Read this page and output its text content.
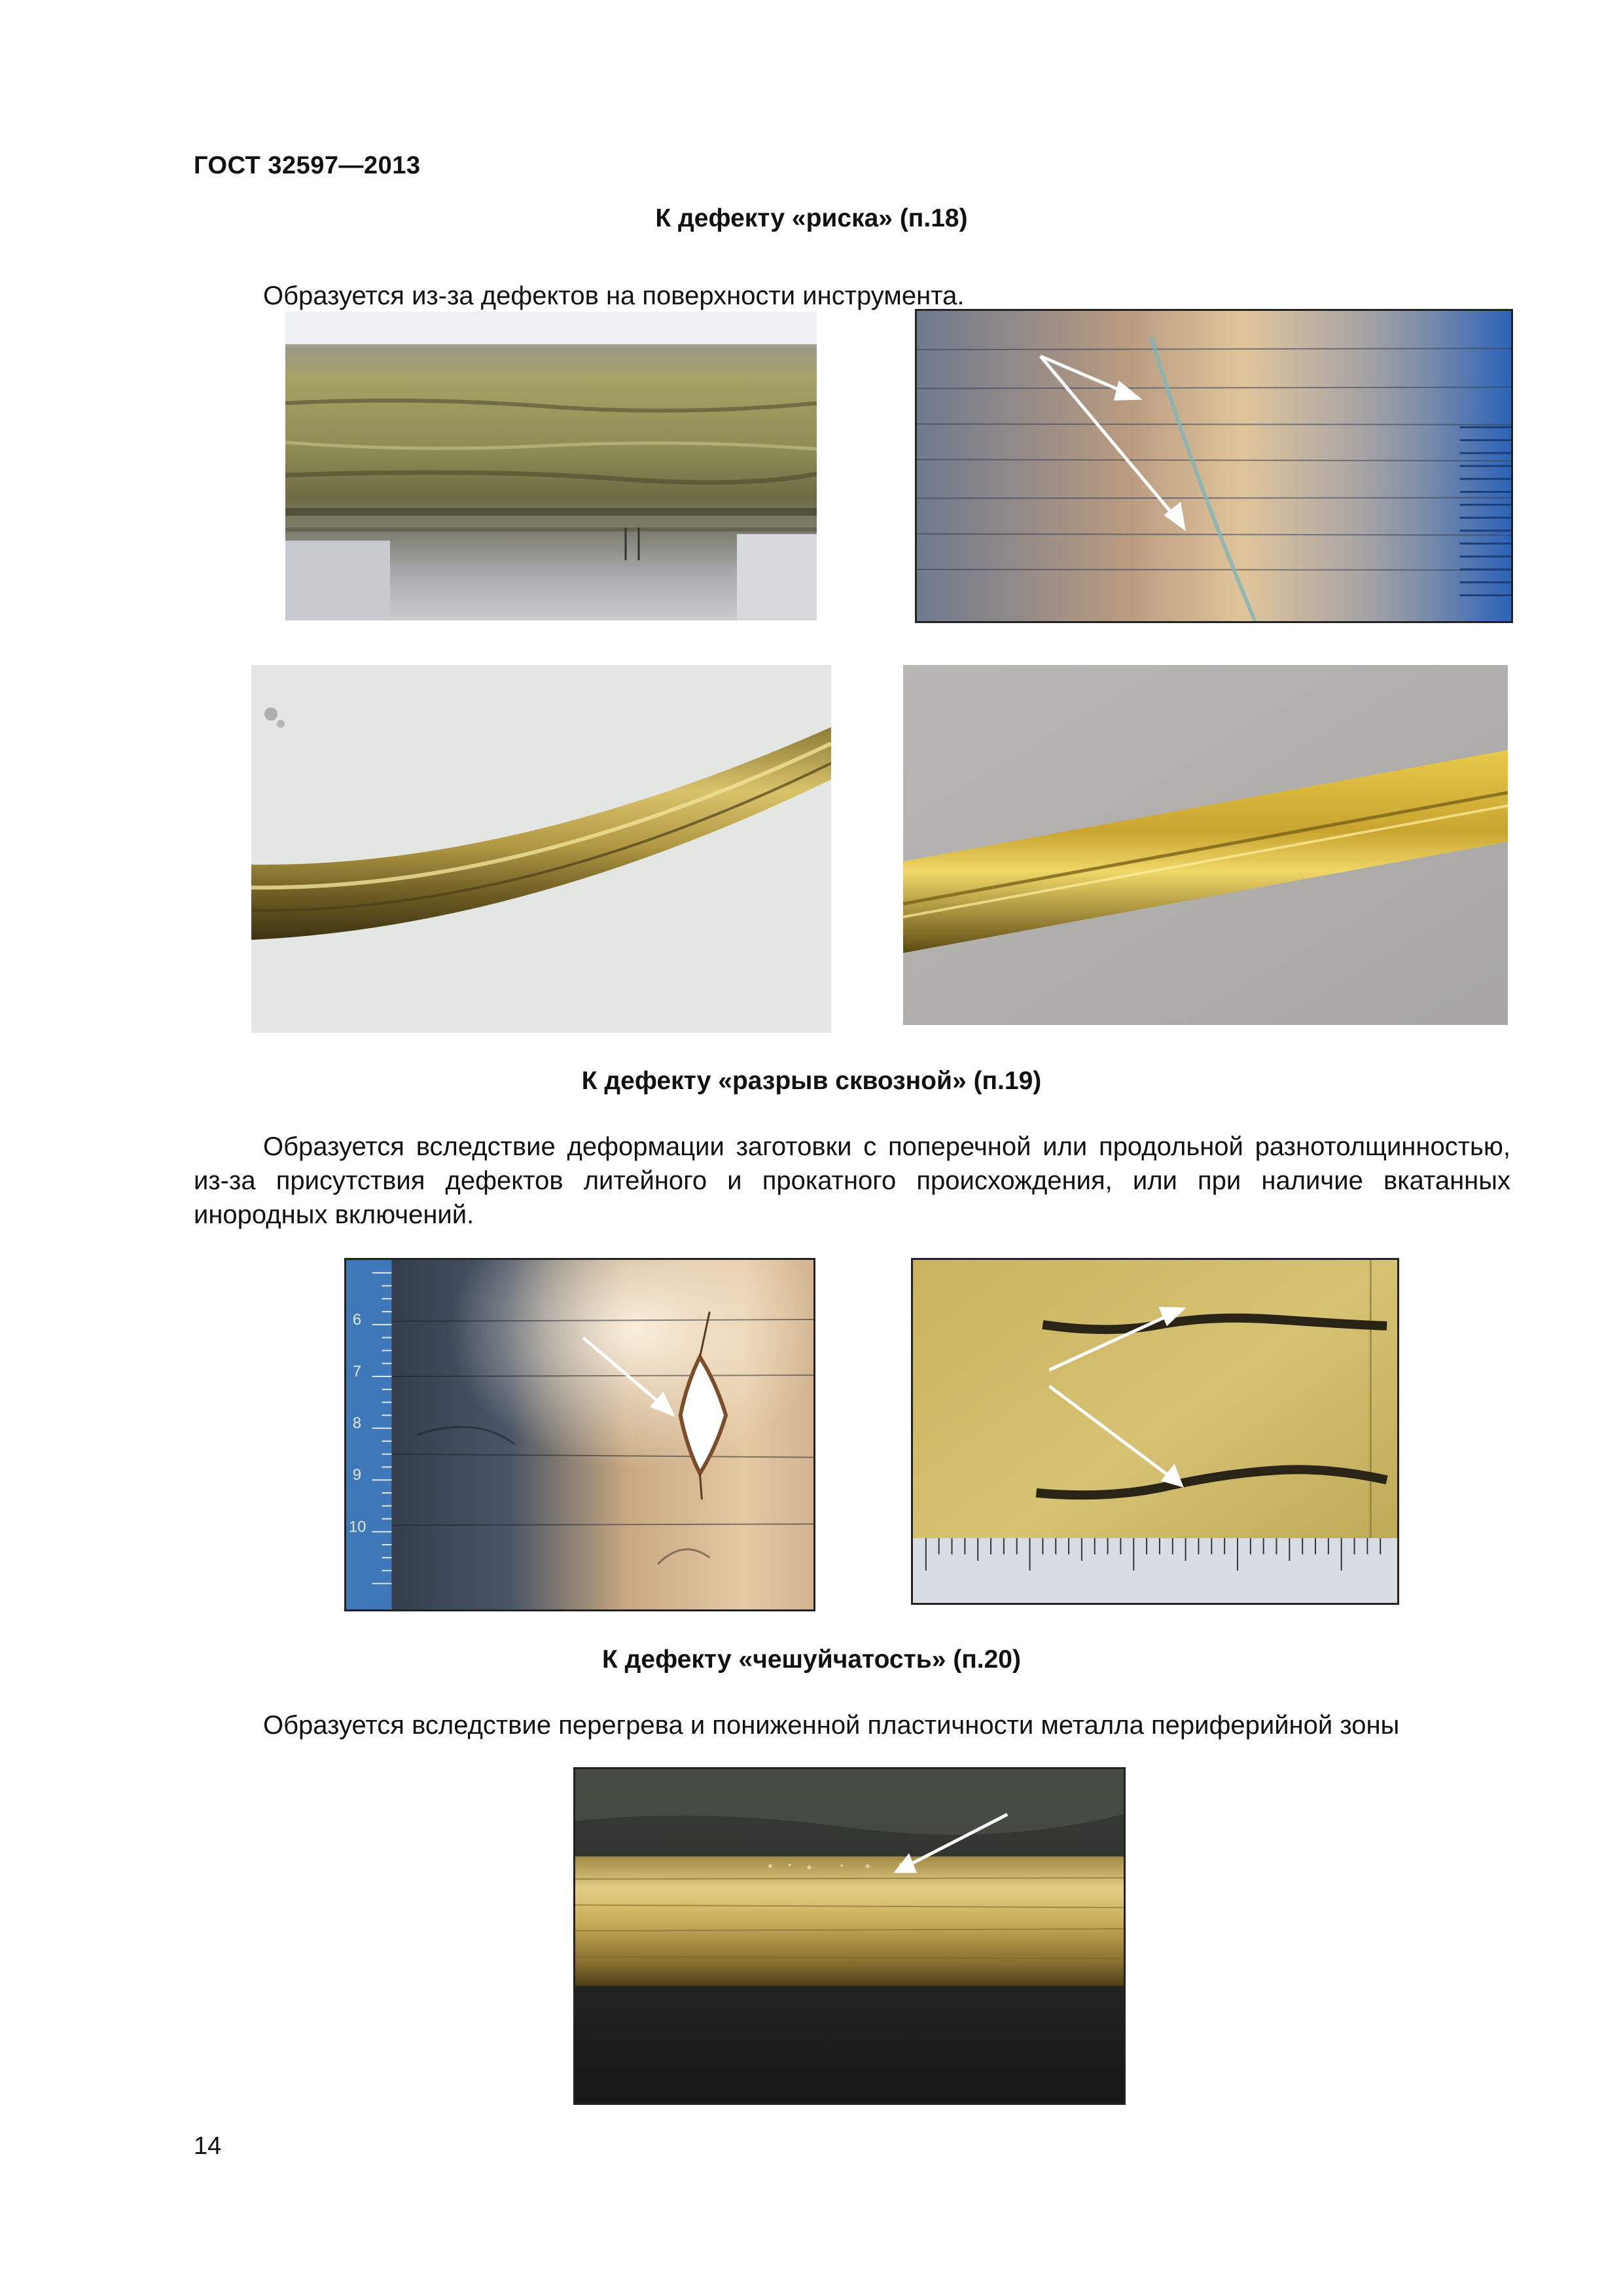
ГОСТ 32597—2013
К дефекту «риска» (п.18)
Образуется из-за дефектов на поверхности инструмента.
К дефекту «разрыв сквозной» (п.19)
Образуется вследствие деформации заготовки с поперечной или продольной разнотолщинностью, из-за присутствия дефектов литейного и прокатного происхождения, или при наличие вкатанных инородных включений.
6
7
8
9
10
К дефекту «чешуйчатость» (п.20)
Образуется вследствие перегрева и пониженной пластичности металла периферийной зоны
14
